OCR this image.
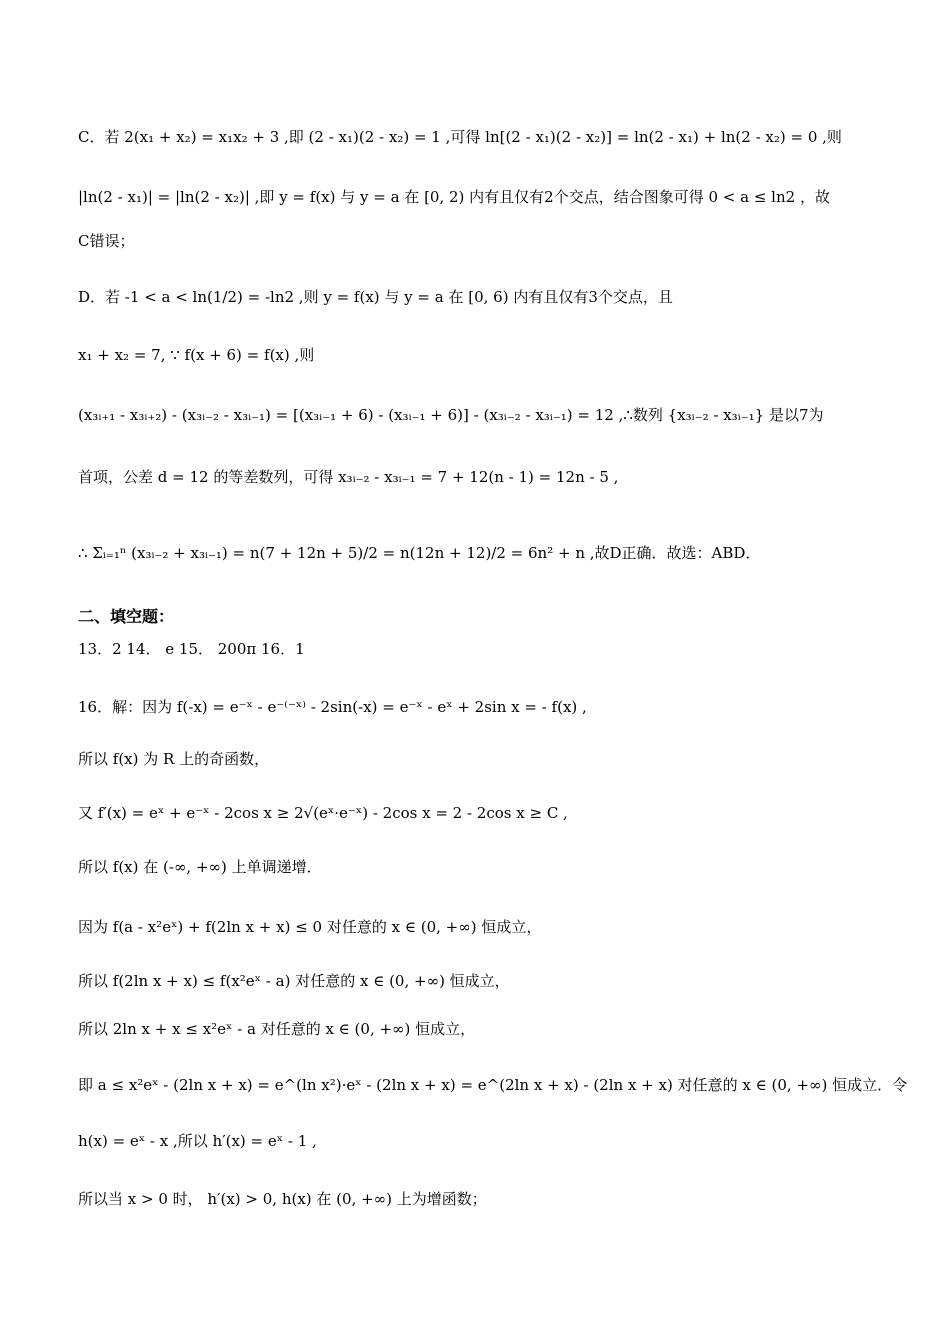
C．若 2(x₁ + x₂) = x₁x₂ + 3 ,即 (2 - x₁)(2 - x₂) = 1 ,可得 ln[(2 - x₁)(2 - x₂)] = ln(2 - x₁) + ln(2 - x₂) = 0 ,则
|ln(2 - x₁)| = |ln(2 - x₂)| ,即 y = f(x) 与 y = a 在 [0, 2) 内有且仅有2个交点，结合图象可得 0 < a ≤ ln2 ，故
C错误；
D．若 -1 < a < ln(1/2) = -ln2 ,则 y = f(x) 与 y = a 在 [0, 6) 内有且仅有3个交点，且
x₁ + x₂ = 7, ∵ f(x + 6) = f(x) ,则
(x₃ᵢ₊₁ - x₃ᵢ₊₂) - (x₃ᵢ₋₂ - x₃ᵢ₋₁) = [(x₃ᵢ₋₁ + 6) - (x₃ᵢ₋₁ + 6)] - (x₃ᵢ₋₂ - x₃ᵢ₋₁) = 12 ,∴数列 {x₃ᵢ₋₂ - x₃ᵢ₋₁} 是以7为
首项，公差 d = 12 的等差数列，可得 x₃ᵢ₋₂ - x₃ᵢ₋₁ = 7 + 12(n - 1) = 12n - 5 ,
∴ Σᵢ₌₁ⁿ (x₃ᵢ₋₂ + x₃ᵢ₋₁) = n(7 + 12n + 5)/2 = n(12n + 12)/2 = 6n² + n ,故D正确．故选：ABD．
二、填空题：
13．2 14． e 15． 200π 16．1
16．解：因为 f(-x) = e⁻ˣ - e⁻⁽⁻ˣ⁾ - 2sin(-x) = e⁻ˣ - eˣ + 2sin x = - f(x) ,
所以 f(x) 为 R 上的奇函数，
又 f′(x) = eˣ + e⁻ˣ - 2cos x ≥ 2√(eˣ·e⁻ˣ) - 2cos x = 2 - 2cos x ≥ C ,
所以 f(x) 在 (-∞, +∞) 上单调递增．
因为 f(a - x²eˣ) + f(2ln x + x) ≤ 0 对任意的 x ∈ (0, +∞) 恒成立，
所以 f(2ln x + x) ≤ f(x²eˣ - a) 对任意的 x ∈ (0, +∞) 恒成立，
所以 2ln x + x ≤ x²eˣ - a 对任意的 x ∈ (0, +∞) 恒成立，
即 a ≤ x²eˣ - (2ln x + x) = e^(ln x²)·eˣ - (2ln x + x) = e^(2ln x + x) - (2ln x + x) 对任意的 x ∈ (0, +∞) 恒成立．令
h(x) = eˣ - x ,所以 h′(x) = eˣ - 1 ,
所以当 x > 0 时， h′(x) > 0, h(x) 在 (0, +∞) 上为增函数；
